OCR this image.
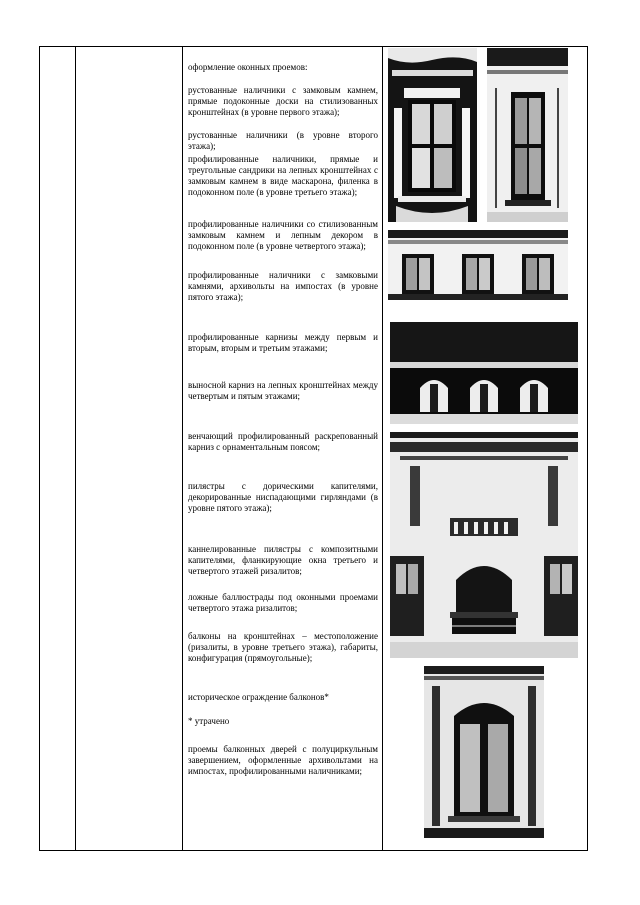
оформление оконных проемов:

рустованные наличники с замковым камнем, прямые подоконные доски на стилизованных кронштейнах (в уровне первого этажа);

рустованные наличники (в уровне второго этажа);

профилированные наличники, прямые и треугольные сандрики на лепных кронштейнах с замковым камнем в виде маскарона, филенка в подоконном поле (в уровне третьего этажа);

профилированные наличники со стилизованным замковым камнем и лепным декором в подоконном поле (в уровне четвертого этажа);

профилированные наличники с замковыми камнями, архивольты на импостах (в уровне пятого этажа);

профилированные карнизы между первым и вторым, вторым и третьим этажами;

выносной карниз на лепных кронштейнах между четвертым и пятым этажами;

венчающий профилированный раскрепованный карниз с орнаментальным поясом;

пилястры с дорическими капителями, декорированные ниспадающими гирляндами (в уровне пятого этажа);

каннелированные пилястры с композитными капителями, фланкирующие окна третьего и четвертого этажей ризалитов;

ложные баллюстрады под оконными проемами четвертого этажа ризалитов;

балконы на кронштейнах – местоположение (ризалиты, в уровне третьего этажа), габариты, конфигурация (прямоугольные);

историческое ограждение балконов*

* утрачено

проемы балконных дверей с полуциркульным завершением, оформленные архивольтами на импостах, профилированными наличниками;
